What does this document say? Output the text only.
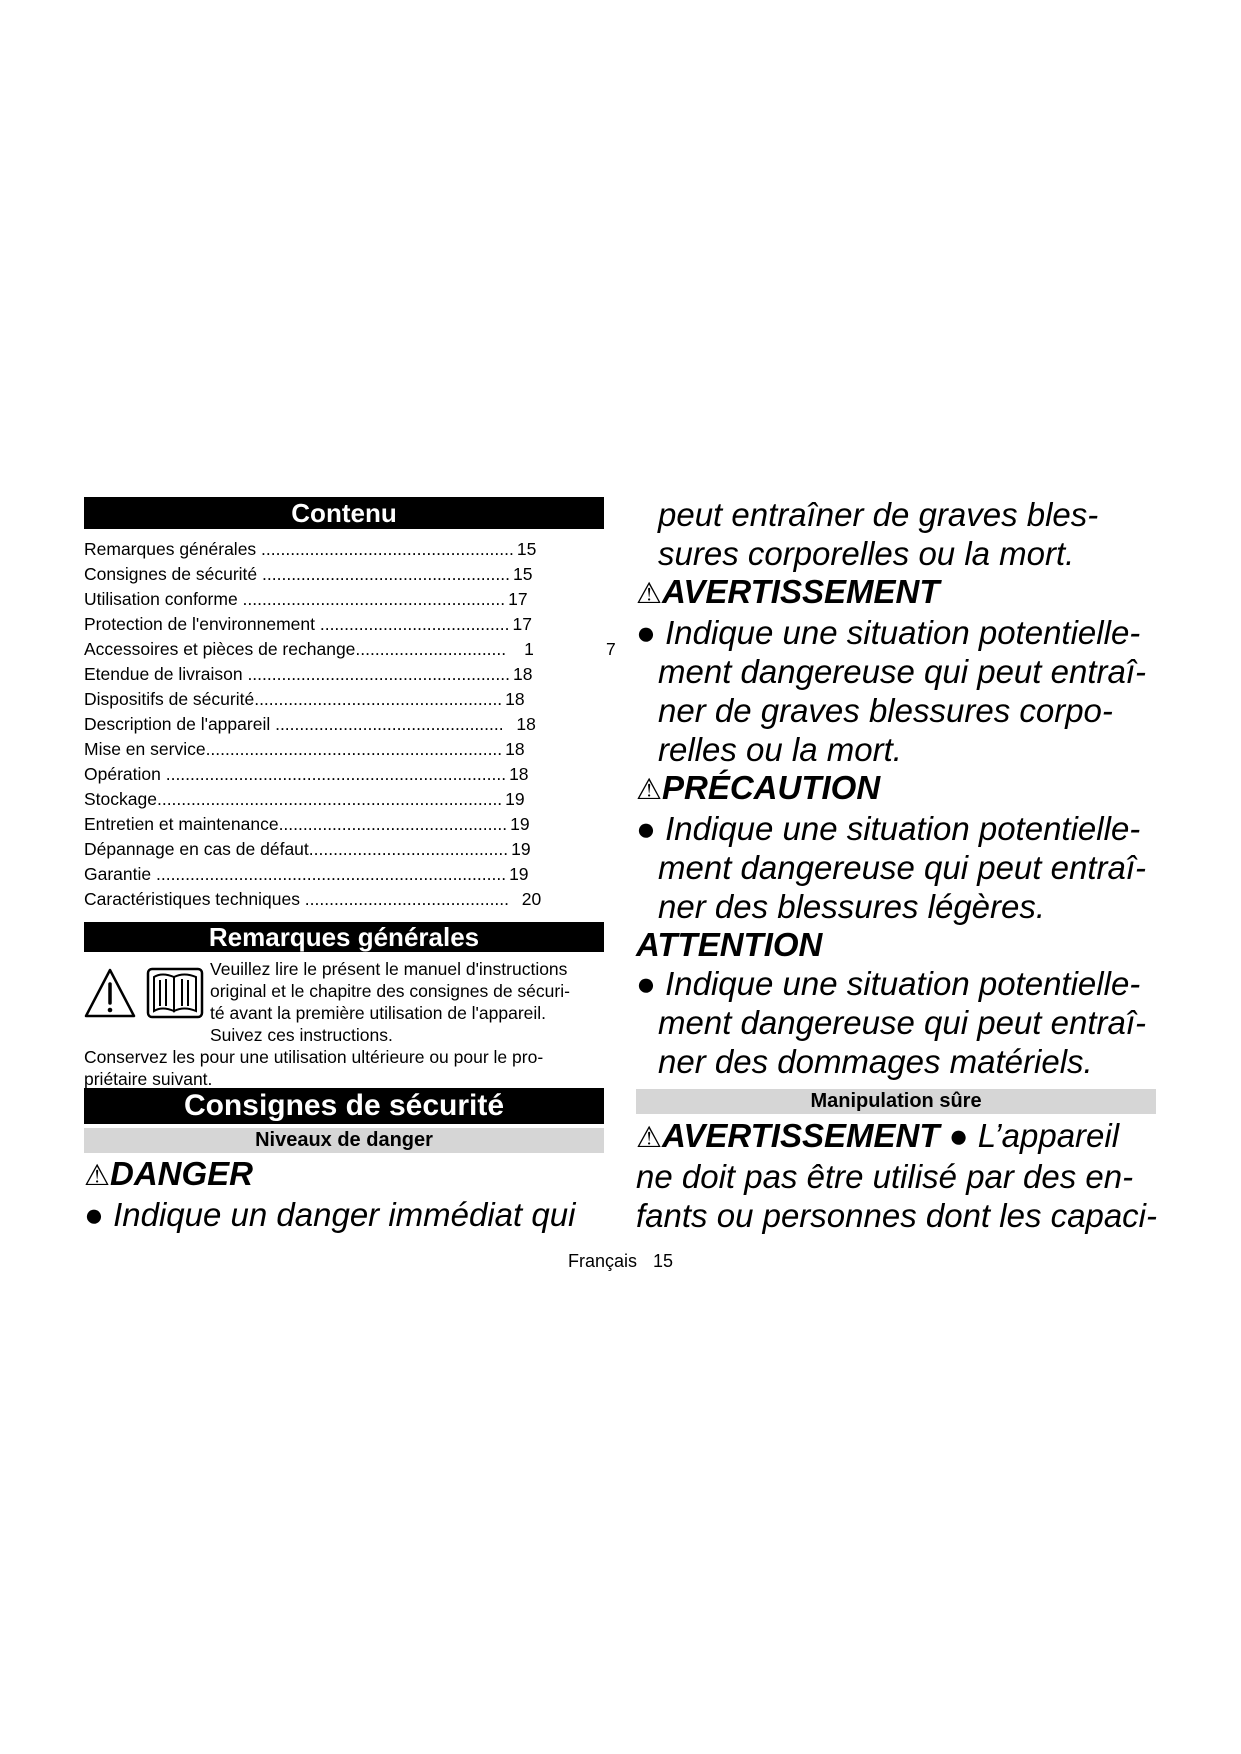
Contenu
Remarques générales .................................................... 15
Consignes de sécurité ................................................... 15
Utilisation conforme ...................................................... 17
Protection de l'environnement ....................................... 17
Accessoires et pièces de rechange............................... 1	7
Etendue de livraison ...................................................... 18
Dispositifs de sécurité................................................... 18
Description de l'appareil ...............................................  18
Mise en service............................................................. 18
Opération ...................................................................... 18
Stockage....................................................................... 19
Entretien et maintenance............................................... 19
Dépannage en cas de défaut......................................... 19
Garantie ........................................................................ 19
Caractéristiques techniques ..........................................  20
Remarques générales
Veuillez lire le présent le manuel d'instructions
original et le chapitre des consignes de sécuri-
té avant la première utilisation de l'appareil.
Suivez ces instructions.
Conservez les pour une utilisation ultérieure ou pour le pro-
priétaire suivant.
Consignes de sécurité
Niveaux de danger

⚠DANGER

● Indique un danger immédiat qui

peut entraîner de graves bles-
sures corporelles ou la mort.

⚠AVERTISSEMENT

● Indique une situation potentielle-
ment dangereuse qui peut entraî-
ner de graves blessures corpo-
relles ou la mort.

⚠PRÉCAUTION

● Indique une situation potentielle-
ment dangereuse qui peut entraî-
ner des blessures légères.

ATTENTION

● Indique une situation potentielle-
ment dangereuse qui peut entraî-
ner des dommages matériels.

Manipulation sûre

⚠AVERTISSEMENT ● L’appareil
ne doit pas être utilisé par des en-
fants ou personnes dont les capaci-

Français 15
